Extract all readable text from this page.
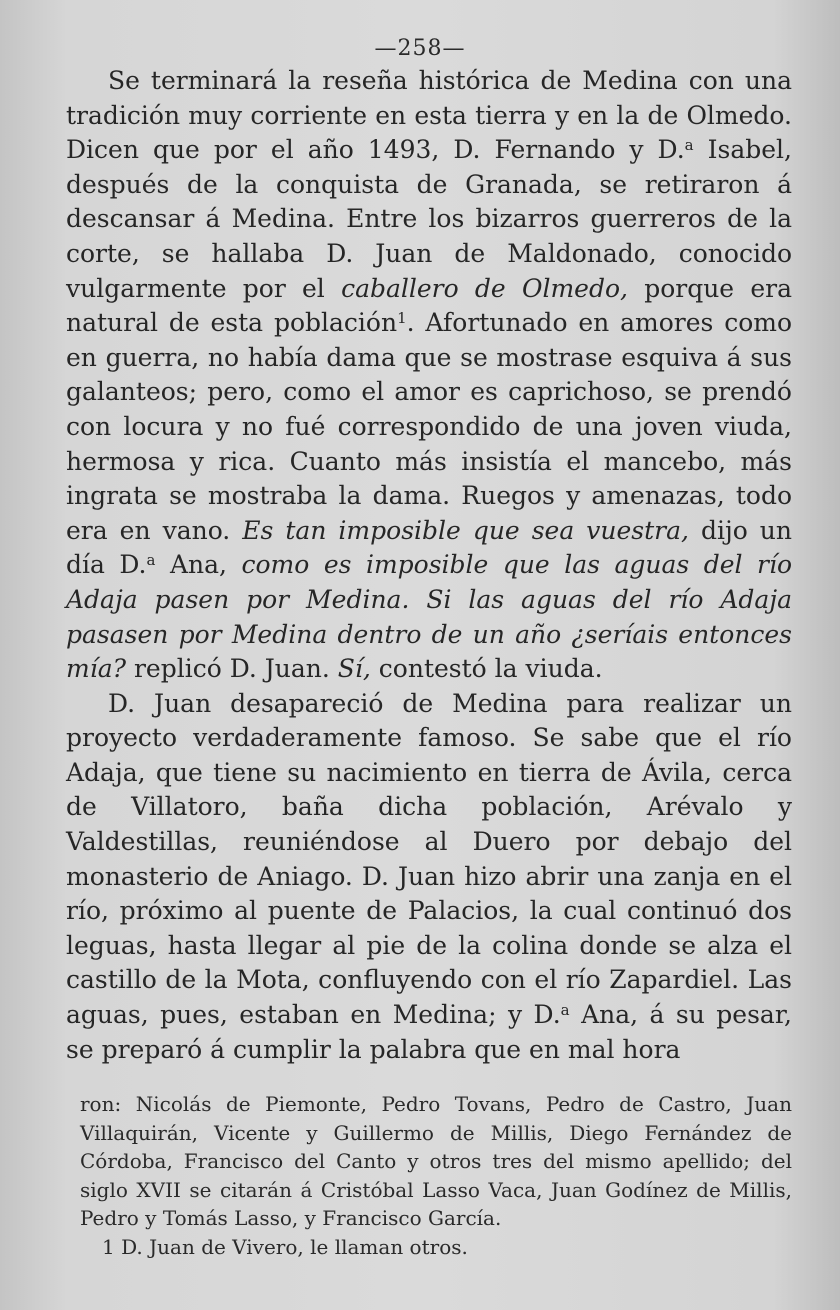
—258—

Se terminará la reseña histórica de Medina con una tradición muy corriente en esta tierra y en la de Olmedo. Dicen que por el año 1493, D. Fernando y D.$^a$ Isabel, después de la conquista de Granada, se retiraron á descansar á Medina. Entre los bizarros guerreros de la corte, se hallaba D. Juan de Maldonado, conocido vulgarmente por el caballero de Olmedo, porque era natural de esta población$^1$. Afortunado en amores como en guerra, no había dama que se mostrase esquiva á sus galanteos; pero, como el amor es caprichoso, se prendó con locura y no fué correspondido de una joven viuda, hermosa y rica. Cuanto más insistía el mancebo, más ingrata se mostraba la dama. Ruegos y amenazas, todo era en vano. Es tan imposible que sea vuestra, dijo un día D.$^a$ Ana, como es imposible que las aguas del río Adaja pasen por Medina. Si las aguas del río Adaja pasasen por Medina dentro de un año ¿seríais entonces mía? replicó D. Juan. Sí, contestó la viuda.

D. Juan desapareció de Medina para realizar un proyecto verdaderamente famoso. Se sabe que el río Adaja, que tiene su nacimiento en tierra de Ávila, cerca de Villatoro, baña dicha población, Arévalo y Valdestillas, reuniéndose al Duero por debajo del monasterio de Aniago. D. Juan hizo abrir una zanja en el río, próximo al puente de Palacios, la cual continuó dos leguas, hasta llegar al pie de la colina donde se alza el castillo de la Mota, confluyendo con el río Zapardiel. Las aguas, pues, estaban en Medina; y D.$^a$ Ana, á su pesar, se preparó á cumplir la palabra que en mal hora

ron: Nicolás de Piemonte, Pedro Tovans, Pedro de Castro, Juan Villaquirán, Vicente y Guillermo de Millis, Diego Fernández de Córdoba, Francisco del Canto y otros tres del mismo apellido; del siglo XVII se citarán á Cristóbal Lasso Vaca, Juan Godínez de Millis, Pedro y Tomás Lasso, y Francisco García.

1 D. Juan de Vivero, le llaman otros.
